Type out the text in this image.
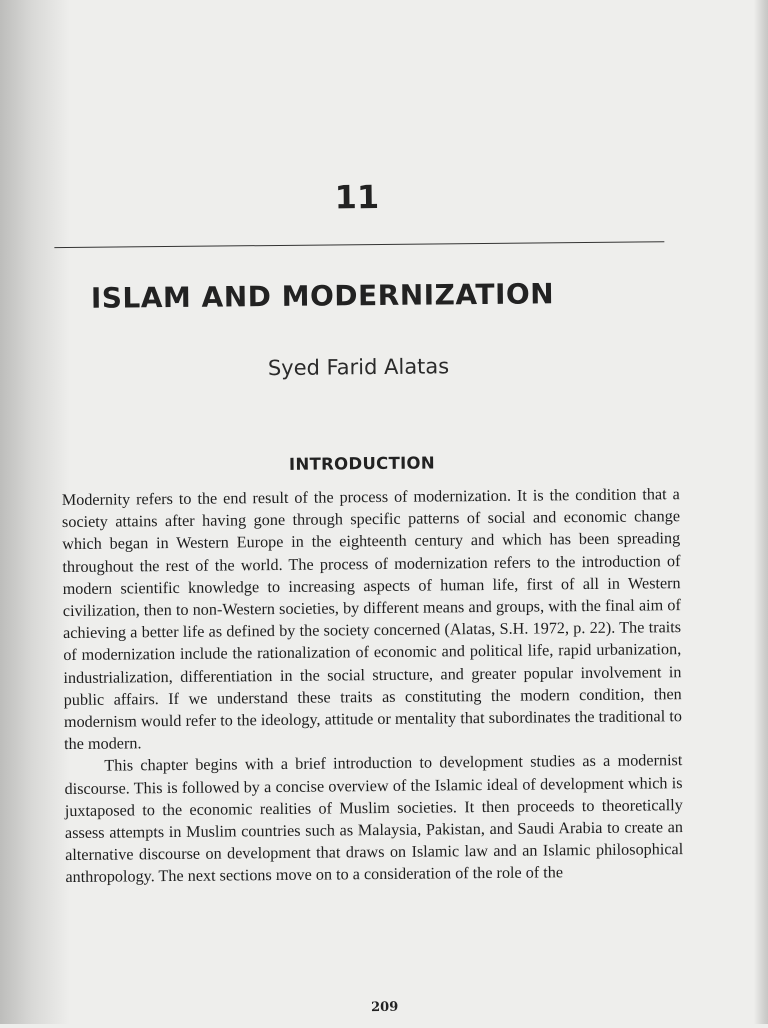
11
ISLAM AND MODERNIZATION
Syed Farid Alatas
INTRODUCTION

Modernity refers to the end result of the process of modernization. It is the condition that a society attains after having gone through specific patterns of social and economic change which began in Western Europe in the eighteenth century and which has been spreading throughout the rest of the world. The process of modernization refers to the introduction of modern scientific knowledge to increasing aspects of human life, first of all in Western civilization, then to non-Western societies, by different means and groups, with the final aim of achieving a better life as defined by the society concerned (Alatas, S.H. 1972, p. 22). The traits of modernization include the rationalization of economic and political life, rapid urbanization, industrialization, differentiation in the social structure, and greater popular involvement in public affairs. If we understand these traits as constituting the modern condition, then modernism would refer to the ideology, attitude or mentality that subordinates the traditional to the modern.

This chapter begins with a brief introduction to development studies as a modernist discourse. This is followed by a concise overview of the Islamic ideal of development which is juxtaposed to the economic realities of Muslim societies. It then proceeds to theoretically assess attempts in Muslim countries such as Malaysia, Pakistan, and Saudi Arabia to create an alternative discourse on development that draws on Islamic law and an Islamic philosophical anthropology. The next sections move on to a consideration of the role of the

209
